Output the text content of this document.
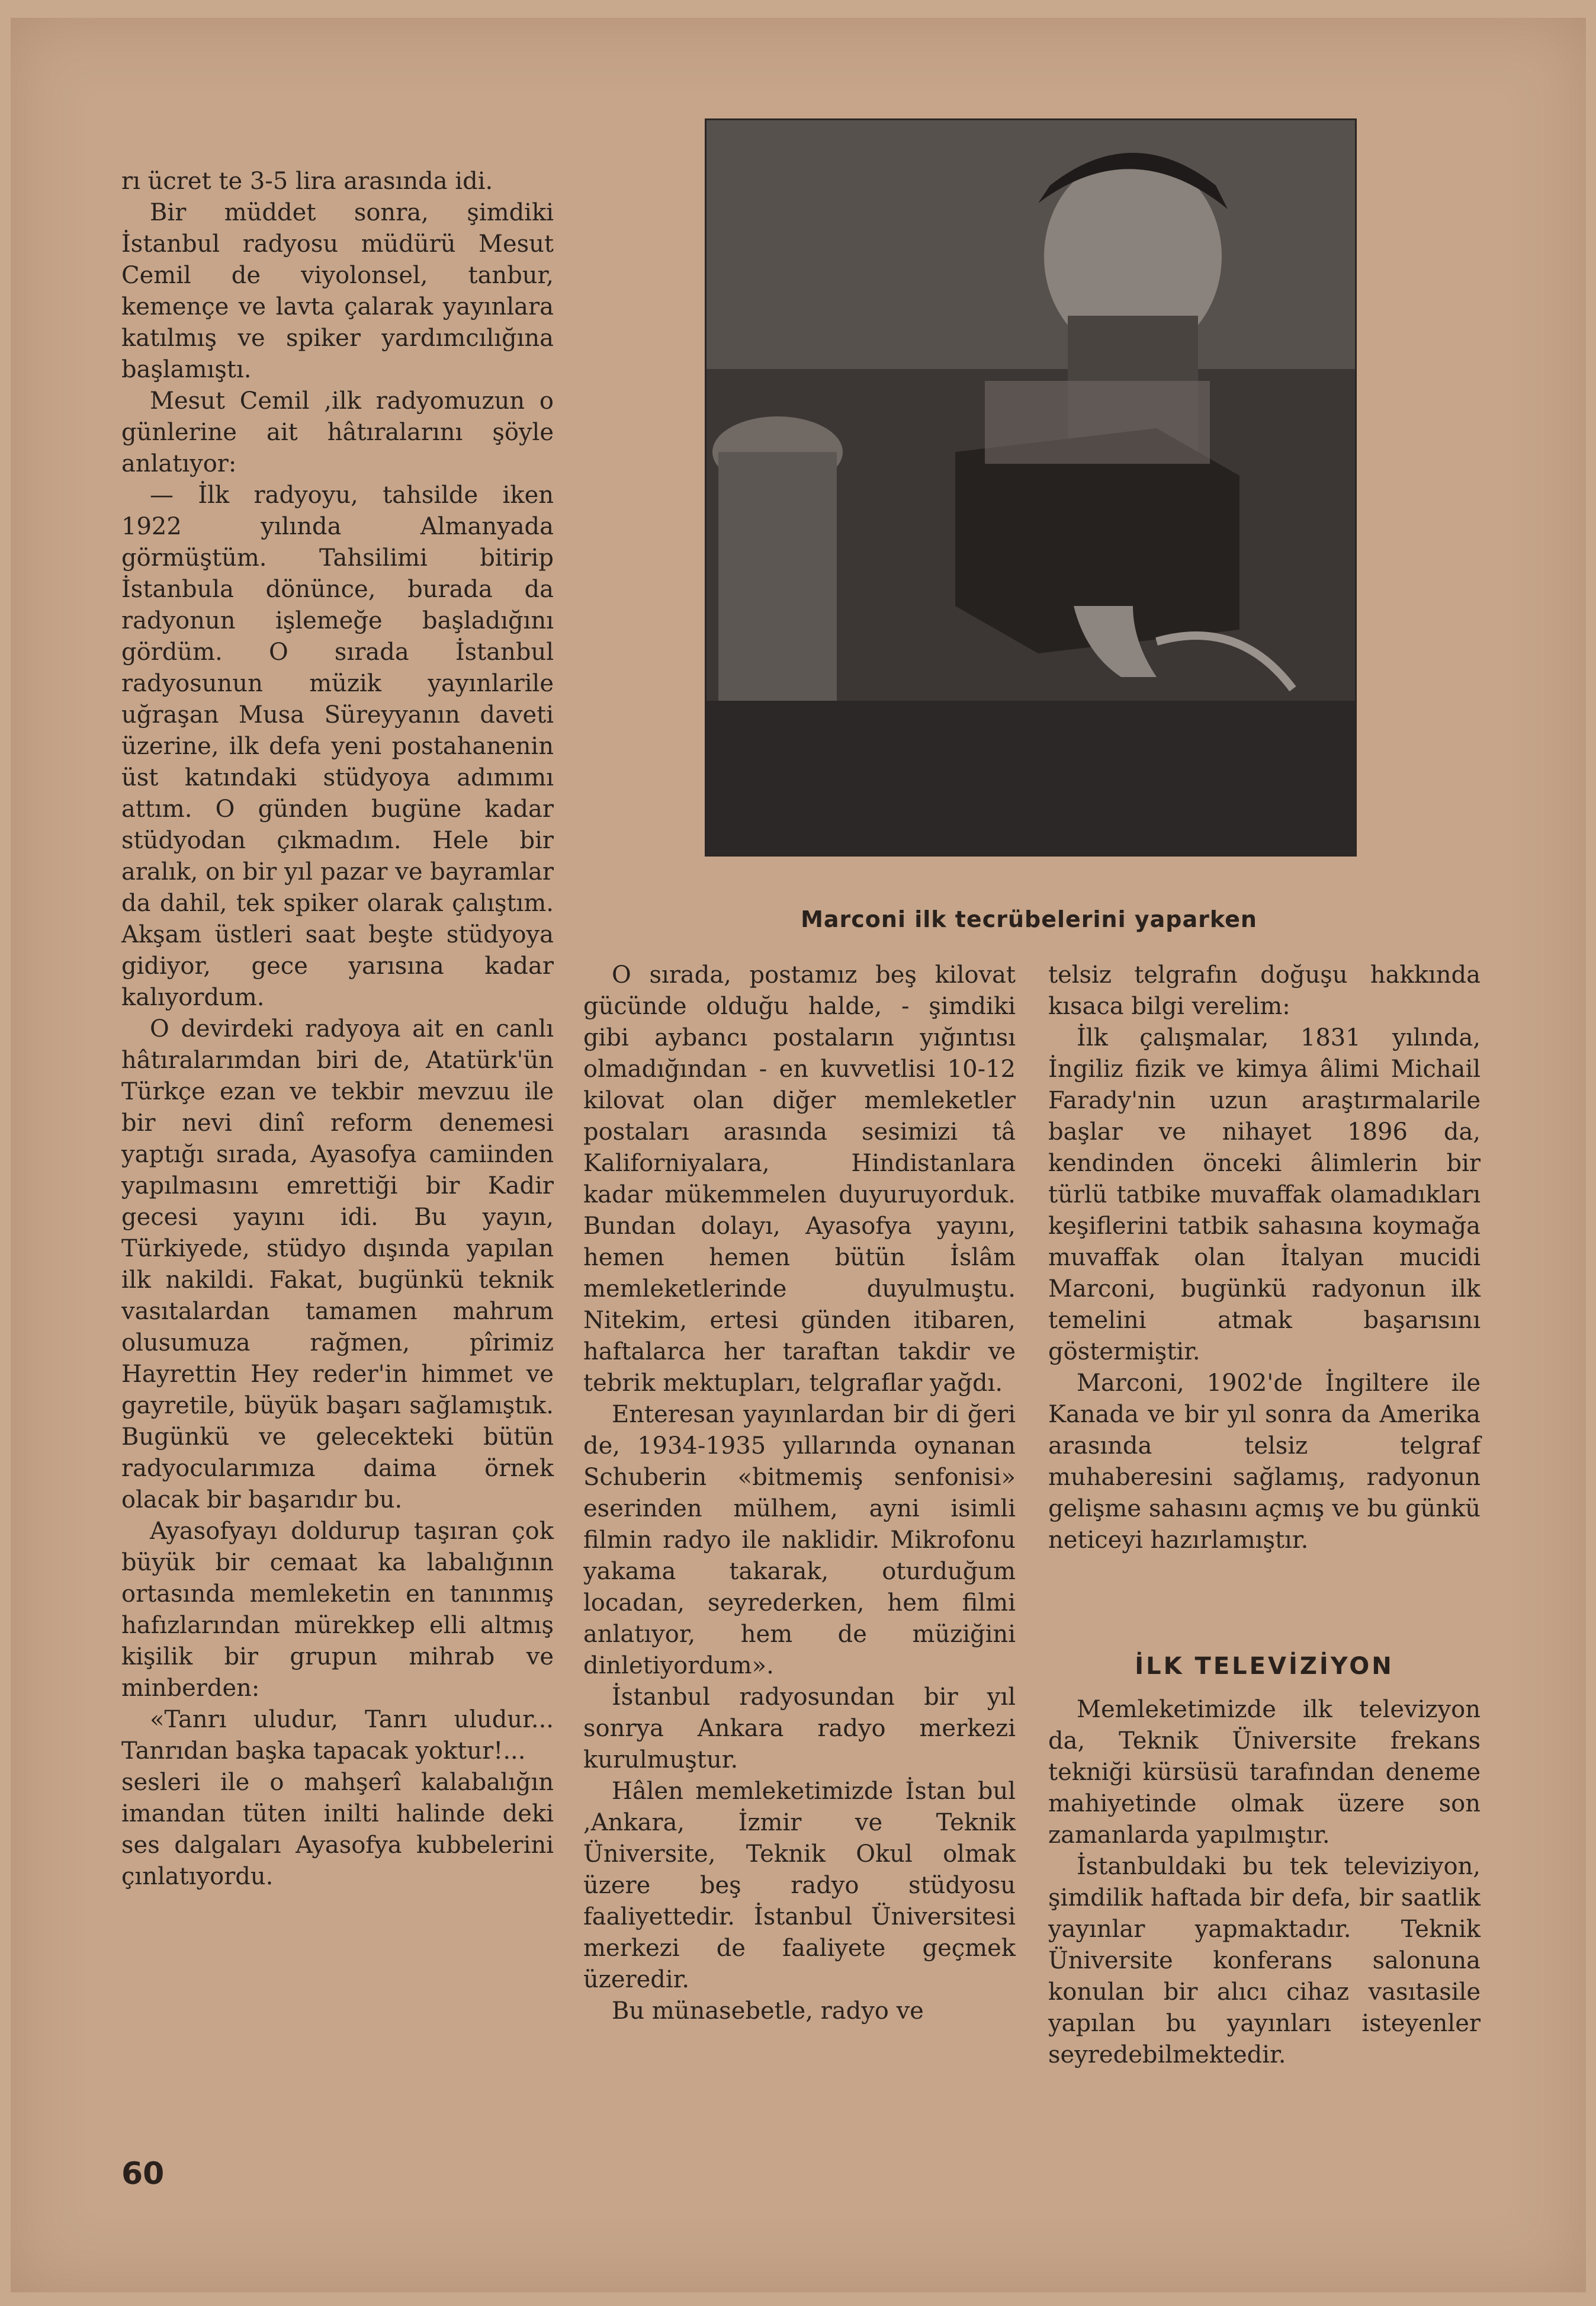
rı ücret te 3-5 lira arasında idi.

Bir müddet sonra, şimdiki İstanbul radyosu müdürü Mesut Cemil de viyolonsel, tanbur, kemençe ve lavta çalarak yayınlara katılmış ve spiker yardımcılığına başlamıştı.

Mesut Cemil ,ilk radyomuzun o günlerine ait hâtıralarını şöyle anlatıyor:

— İlk radyoyu, tahsilde iken 1922 yılında Almanyada görmüştüm. Tahsilimi bitirip İstanbula dönünce, burada da radyonun işlemeğe başladığını gördüm. O sırada İstanbul radyosunun müzik yayınlarile uğraşan Musa Süreyyanın daveti üzerine, ilk defa yeni postahanenin üst katındaki stüdyoya adımımı attım. O günden bugüne kadar stüdyodan çıkmadım. Hele bir aralık, on bir yıl pazar ve bayramlar da dahil, tek spiker olarak çalıştım. Akşam üstleri saat beşte stüdyoya gidiyor, gece yarısına kadar kalıyordum.

O devirdeki radyoya ait en canlı hâtıralarımdan biri de, Atatürk'ün Türkçe ezan ve tekbir mevzuu ile bir nevi dinî reform denemesi yaptığı sırada, Ayasofya camiinden yapılmasını emrettiği bir Kadir gecesi yayını idi. Bu yayın, Türkiyede, stüdyo dışında yapılan ilk nakildi. Fakat, bugünkü teknik vasıtalardan tamamen mahrum olusumuza rağmen, pîrimiz Hayrettin Hey reder'in himmet ve gayretile, büyük başarı sağlamıştık. Bugünkü ve gelecekteki bütün radyocularımıza daima örnek olacak bir başarıdır bu.

Ayasofyayı doldurup taşıran çok büyük bir cemaat ka labalığının ortasında memleketin en tanınmış hafızlarından mürekkep elli altmış kişilik bir grupun mihrab ve minberden:

«Tanrı uludur, Tanrı uludur... Tanrıdan başka tapacak yoktur!...

sesleri ile o mahşerî kalabalığın imandan tüten inilti halinde deki ses dalgaları Ayasofya kubbelerini çınlatıyordu.

Marconi ilk tecrübelerini yaparken

O sırada, postamız beş kilovat gücünde olduğu halde, - şimdiki gibi aybancı postaların yığıntısı olmadığından - en kuvvetlisi 10-12 kilovat olan diğer memleketler postaları arasında sesimizi tâ Kaliforniyalara, Hindistanlara kadar mükemmelen duyuruyorduk. Bundan dolayı, Ayasofya yayını, hemen hemen bütün İslâm memleketlerinde duyulmuştu. Nitekim, ertesi günden itibaren, haftalarca her taraftan takdir ve tebrik mektupları, telgraflar yağdı.

Enteresan yayınlardan bir di ğeri de, 1934-1935 yıllarında oynanan Schuberin «bitmemiş senfonisi» eserinden mülhem, ayni isimli filmin radyo ile naklidir. Mikrofonu yakama takarak, oturduğum locadan, seyrederken, hem filmi anlatıyor, hem de müziğini dinletiyordum».

İstanbul radyosundan bir yıl sonrya Ankara radyo merkezi kurulmuştur.

Hâlen memleketimizde İstan bul ,Ankara, İzmir ve Teknik Üniversite, Teknik Okul olmak üzere beş radyo stüdyosu faaliyettedir. İstanbul Üniversitesi merkezi de faaliyete geçmek üzeredir.

Bu münasebetle, radyo ve

telsiz telgrafın doğuşu hakkında kısaca bilgi verelim:

İlk çalışmalar, 1831 yılında, İngiliz fizik ve kimya âlimi Michail Farady'nin uzun araştırmalarile başlar ve nihayet 1896 da, kendinden önceki âlimlerin bir türlü tatbike muvaffak olamadıkları keşiflerini tatbik sahasına koymağa muvaffak olan İtalyan mucidi Marconi, bugünkü radyonun ilk temelini atmak başarısını göstermiştir.

Marconi, 1902'de İngiltere ile Kanada ve bir yıl sonra da Amerika arasında telsiz telgraf muhaberesini sağlamış, radyonun gelişme sahasını açmış ve bu günkü neticeyi hazırlamıştır.

İLK TELEVİZİYON

Memleketimizde ilk televizyon da, Teknik Üniversite frekans tekniği kürsüsü tarafından deneme mahiyetinde olmak üzere son zamanlarda yapılmıştır.

İstanbuldaki bu tek televiziyon, şimdilik haftada bir defa, bir saatlik yayınlar yapmaktadır. Teknik Üniversite konferans salonuna konulan bir alıcı cihaz vasıtasile yapılan bu yayınları isteyenler seyredebilmektedir.

60
